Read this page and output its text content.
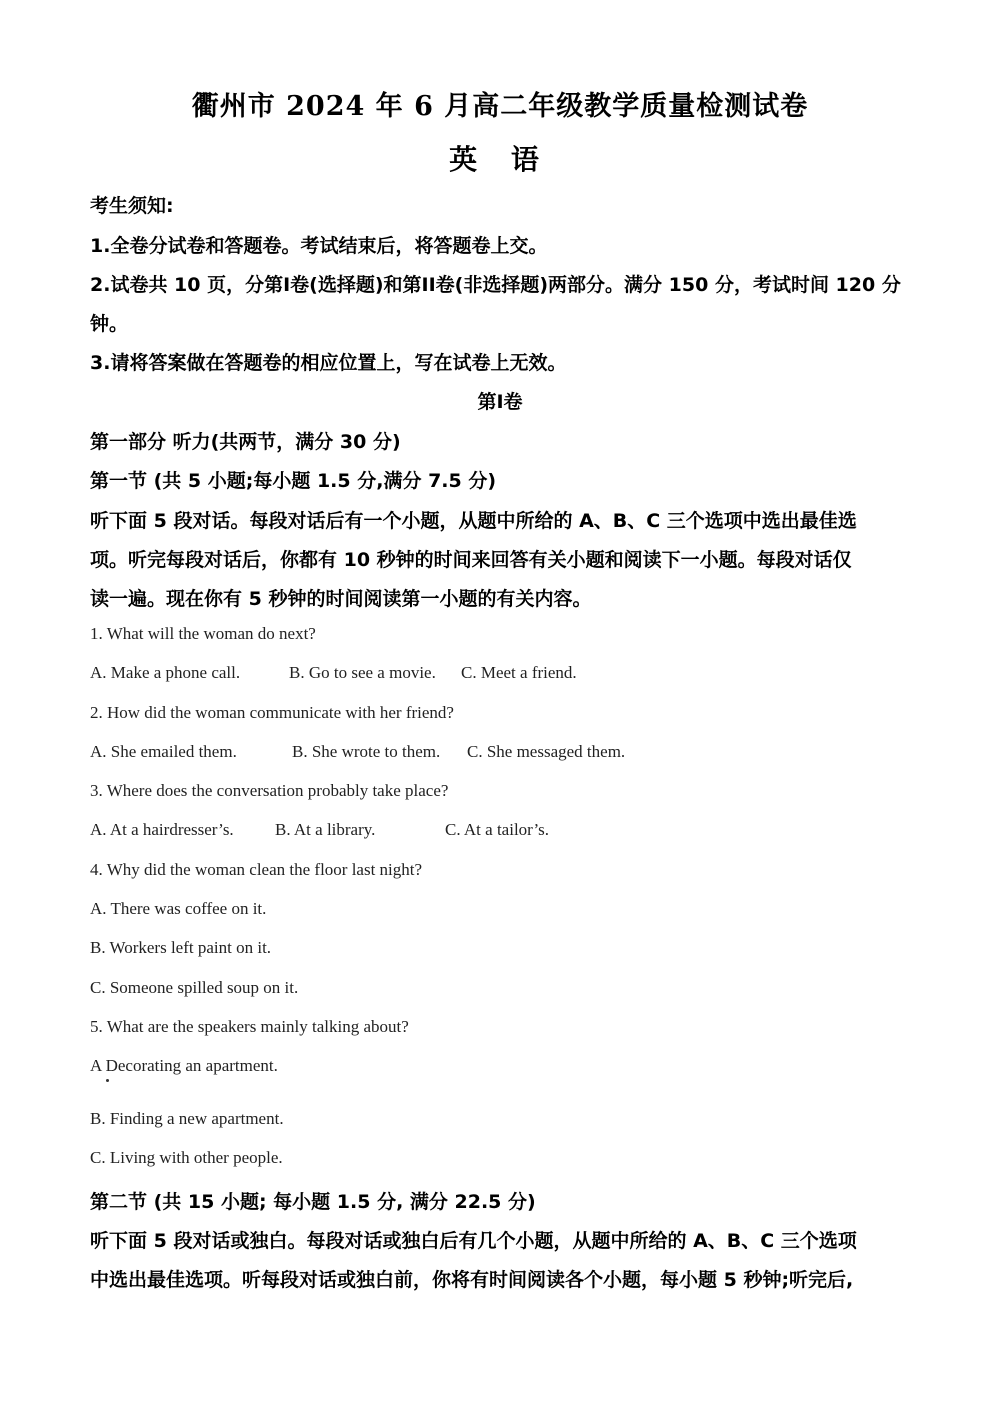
衢州市 2024 年 6 月高二年级教学质量检测试卷
英 语
考生须知:
1.全卷分试卷和答题卷。考试结束后，将答题卷上交。
2.试卷共 10 页，分第I卷(选择题)和第II卷(非选择题)两部分。满分 150 分，考试时间 120 分
钟。
3.请将答案做在答题卷的相应位置上，写在试卷上无效。
第I卷
第一部分 听力(共两节，满分 30 分)
第一节 (共 5 小题;每小题 1.5 分,满分 7.5 分)
听下面 5 段对话。每段对话后有一个小题，从题中所给的 A、B、C 三个选项中选出最佳选
项。听完每段对话后，你都有 10 秒钟的时间来回答有关小题和阅读下一小题。每段对话仅
读一遍。现在你有 5 秒钟的时间阅读第一小题的有关内容。
1. What will the woman do next?
A. Make a phone call.	B. Go to see a movie. C. Meet a friend.
2. How did the woman communicate with her friend?
A. She emailed them.	B. She wrote to them. C. She messaged them.
3. Where does the conversation probably take place?
A. At a hairdresser’s. B. At a library.	C. At a tailor’s.
4. Why did the woman clean the floor last night?
A. There was coffee on it.
B. Workers left paint on it.
C. Someone spilled soup on it.
5. What are the speakers mainly talking about?
A Decorating an apartment.
B. Finding a new apartment.
C. Living with other people.
第二节 (共 15 小题; 每小题 1.5 分, 满分 22.5 分)
听下面 5 段对话或独白。每段对话或独白后有几个小题，从题中所给的 A、B、C 三个选项
中选出最佳选项。听每段对话或独白前，你将有时间阅读各个小题，每小题 5 秒钟;听完后,
